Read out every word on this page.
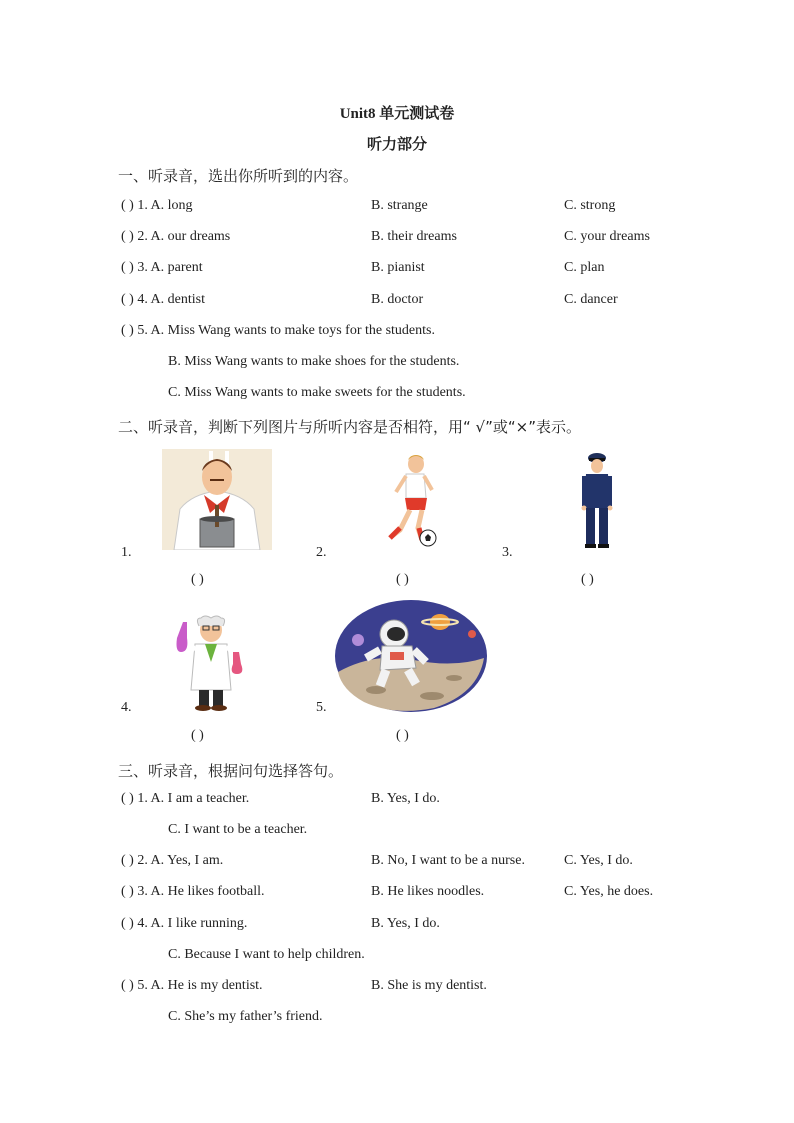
Unit8 单元测试卷
听力部分
一、听录音，选出你所听到的内容。
( ) 1. A. long	B. strange	C. strong
( ) 2. A. our dreams	B. their dreams	C. your dreams
( ) 3. A. parent	B. pianist	C. plan
( ) 4. A. dentist	B. doctor	C. dancer
( ) 5. A. Miss Wang wants to make toys for the students.
B. Miss Wang wants to make shoes for the students.
C. Miss Wang wants to make sweets for the students.
二、听录音，判断下列图片与所听内容是否相符，用“ √”或“×”表示。
1.
( )
2.
( )
3.
( )
4.
( )
5.
( )
三、听录音，根据问句选择答句。
( ) 1. A. I am a teacher.	B. Yes, I do.
C. I want to be a teacher.
( ) 2. A. Yes, I am.	B. No, I want to be a nurse.	C. Yes, I do.
( ) 3. A. He likes football.	B. He likes noodles.	C. Yes, he does.
( ) 4. A. I like running.	B. Yes, I do.
C. Because I want to help children.
( ) 5. A. He is my dentist.	B. She is my dentist.
C. She’s my father’s friend.
